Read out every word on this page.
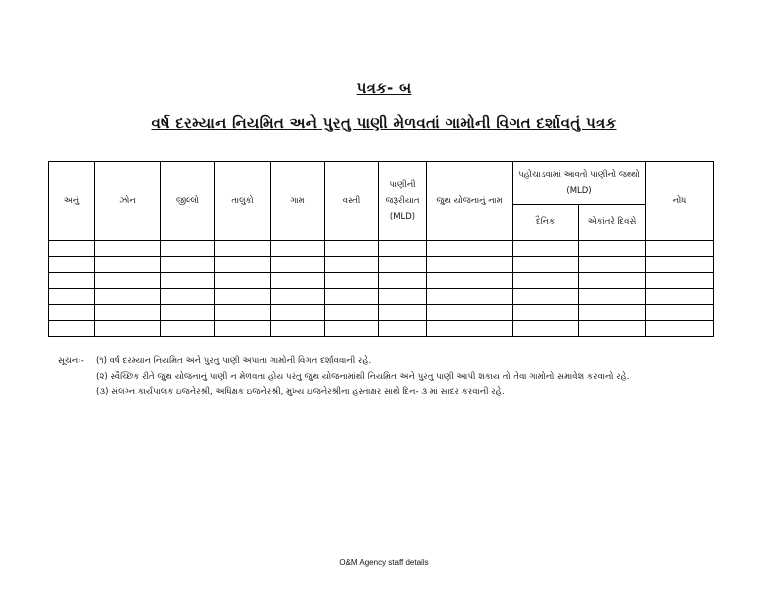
પત્રક- બ
વર્ષ દરમ્યાન નિયમિત અને પુરતુ પાણી મેળવતાં ગામોની વિગત દર્શાવતું પત્રક
અનું	ઝોન	જીલ્લો	તાલુકો	ગામ	વસ્તી	પાણીની જરૂરીયાત (MLD)	જુથ યોજનાનું નામ	પહોંચાડવામાં આવતો પાણીનો જથ્થો (MLD)		નોંધ
								દૈનિક	એકાંતરે દિવસે	

સૂચનઃ-	(૧) વર્ષ દરમ્યાન નિયમિત અને પુરતુ પાણી અપાતા ગામોની વિગત દર્શાવવાની રહે.
(૨) સ્વૈચ્છિક રીતે જુથ યોજનાનું પાણી ન મેળવતા હોય પરંતુ જુથ યોજનામાંથી નિયમિત અને પુરતુ પાણી આપી શકાય તો તેવા ગામોનો સમાવેશ કરવાનો રહે.
(૩) સંલગ્ન કાર્યપાલક ઇજનેરશ્રી, અધિક્ષક ઇજનેરશ્રી, મુખ્ય ઇજનેરશ્રીના હસ્તાક્ષર સાથે દિન- ૩ માં સાદર કરવાની રહે.
O&M Agency staff details
